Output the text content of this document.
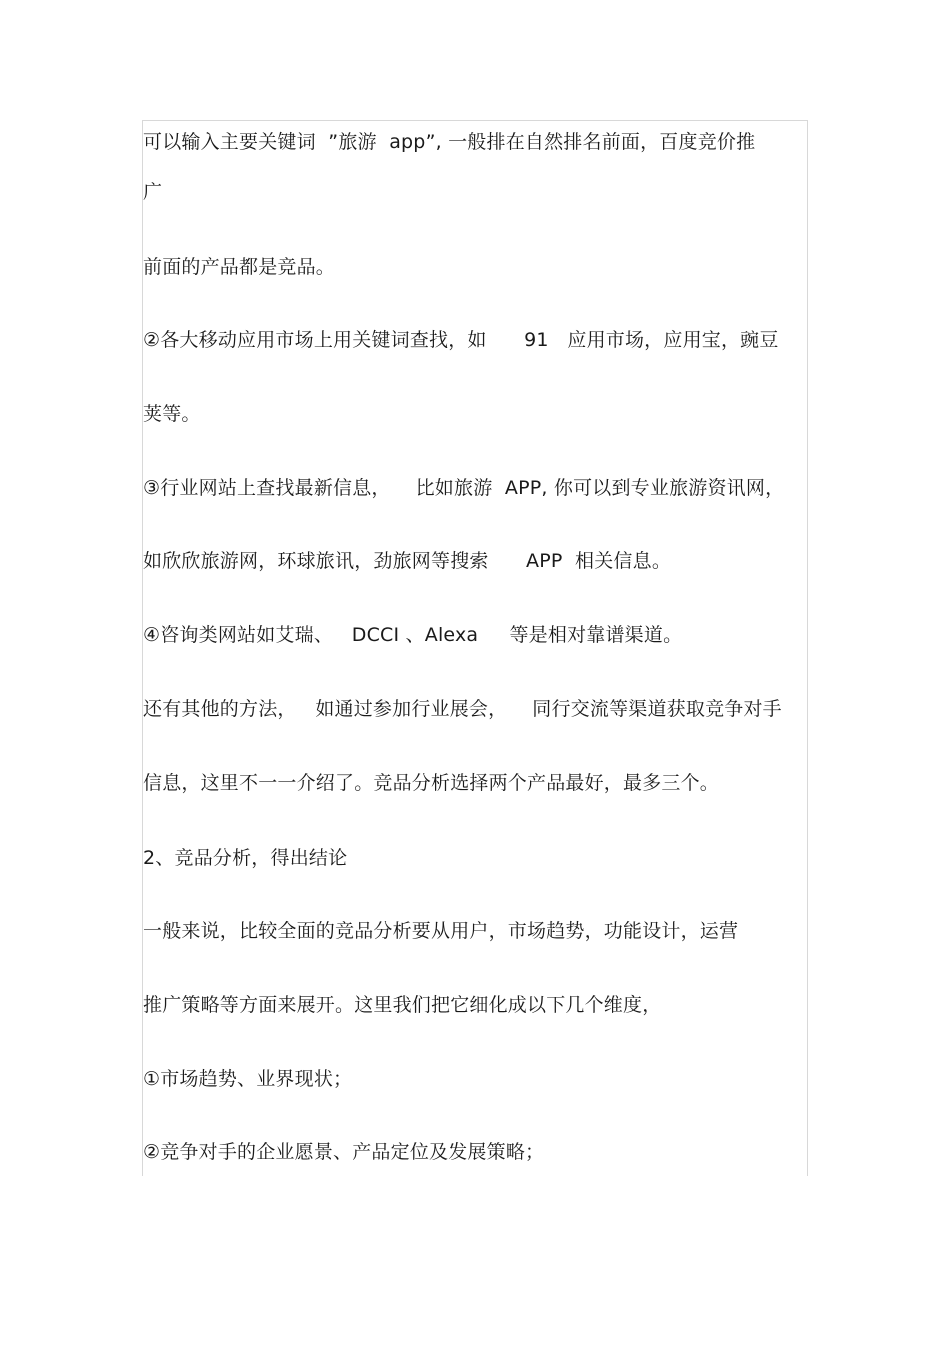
可以输入主要关键词  ”旅游  app”, 一般排在自然排名前面，百度竞价推
广
前面的产品都是竞品。
②各大移动应用市场上用关键词查找，如      91   应用市场，应用宝，豌豆
荚等。
③行业网站上查找最新信息，    比如旅游  APP, 你可以到专业旅游资讯网，
如欣欣旅游网，环球旅讯，劲旅网等搜索      APP  相关信息。
④咨询类网站如艾瑞、   DCCI 、Alexa     等是相对靠谱渠道。
还有其他的方法，   如通过参加行业展会，    同行交流等渠道获取竞争对手
信息，这里不一一介绍了。竞品分析选择两个产品最好，最多三个。
2、竞品分析，得出结论
一般来说，比较全面的竞品分析要从用户，市场趋势，功能设计，运营
推广策略等方面来展开。这里我们把它细化成以下几个维度，
①市场趋势、业界现状；
②竞争对手的企业愿景、产品定位及发展策略；
